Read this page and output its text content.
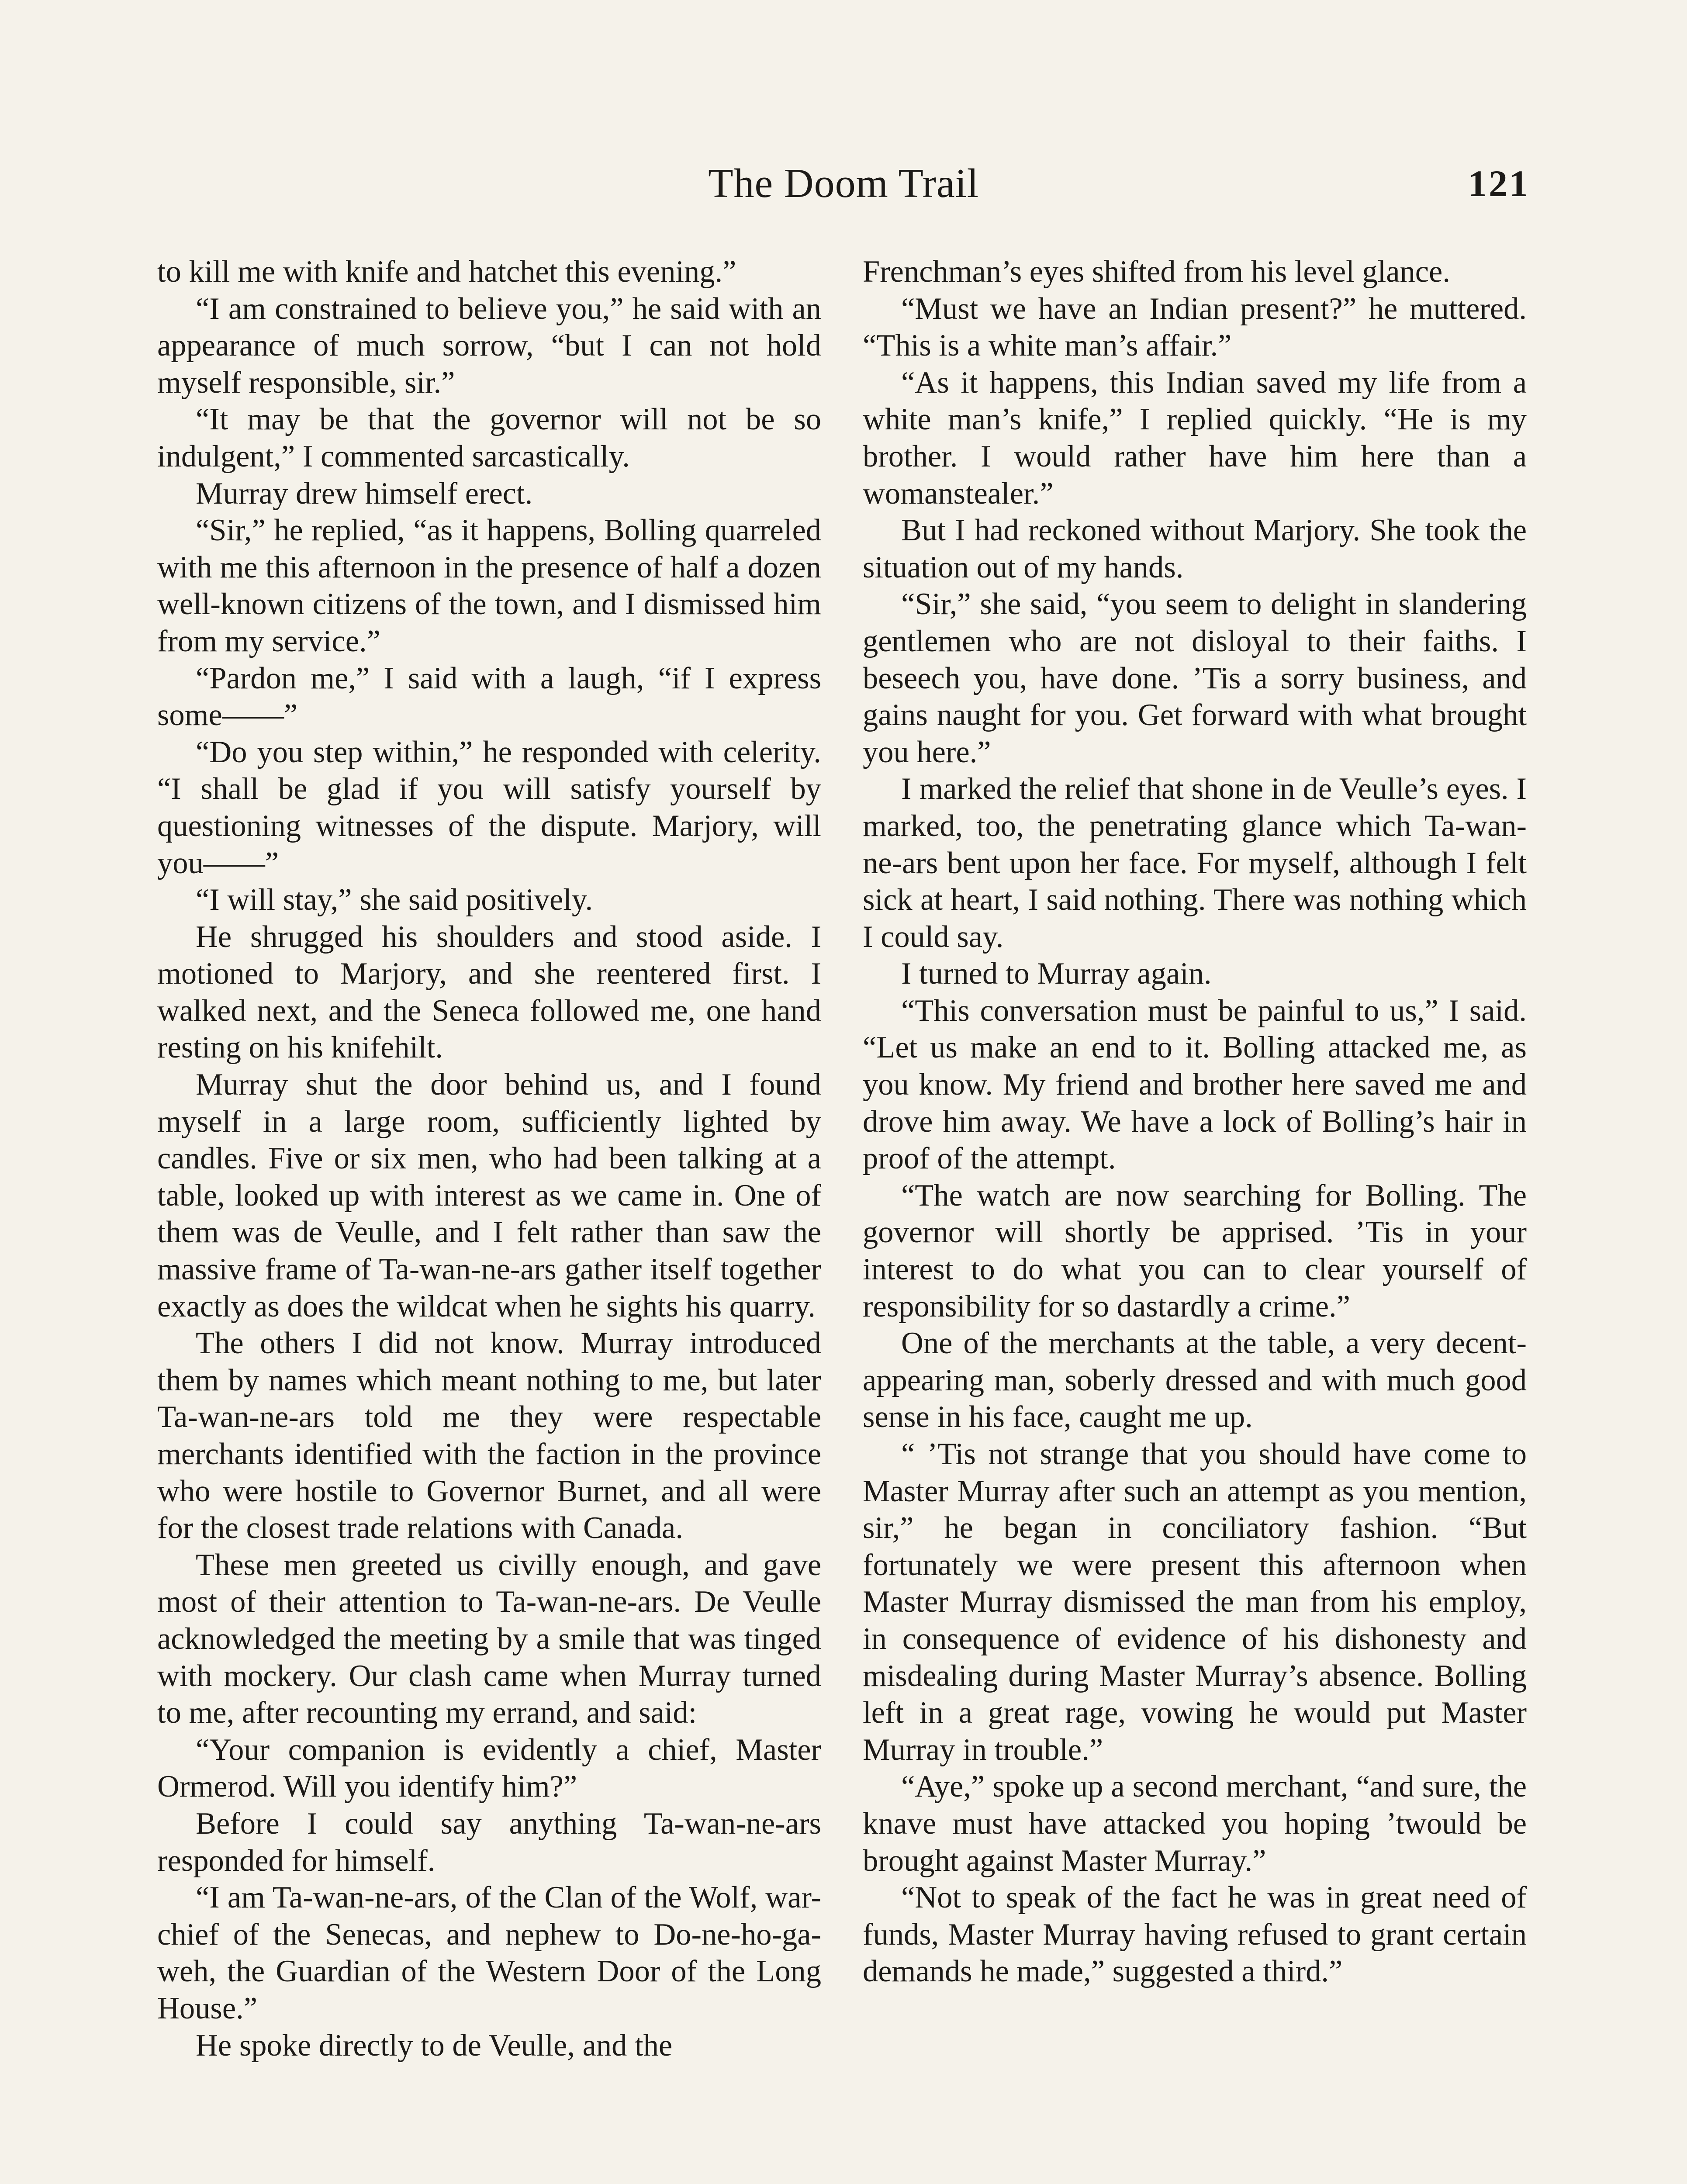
The Doom Trail	121

to kill me with knife and hatchet this evening.”

“I am constrained to believe you,” he said with an appearance of much sorrow, “but I can not hold myself responsible, sir.”

“It may be that the governor will not be so indulgent,” I commented sarcastically.

Murray drew himself erect.

“Sir,” he replied, “as it happens, Bolling quarreled with me this afternoon in the presence of half a dozen well-known citizens of the town, and I dismissed him from my service.”

“Pardon me,” I said with a laugh, “if I express some——”

“Do you step within,” he responded with celerity. “I shall be glad if you will satisfy yourself by questioning witnesses of the dispute. Marjory, will you——”

“I will stay,” she said positively.

He shrugged his shoulders and stood aside. I motioned to Marjory, and she reentered first. I walked next, and the Seneca followed me, one hand resting on his knifehilt.

Murray shut the door behind us, and I found myself in a large room, sufficiently lighted by candles. Five or six men, who had been talking at a table, looked up with interest as we came in. One of them was de Veulle, and I felt rather than saw the massive frame of Ta-wan-ne-ars gather itself together exactly as does the wildcat when he sights his quarry.

The others I did not know. Murray introduced them by names which meant nothing to me, but later Ta-wan-ne-ars told me they were respectable merchants identified with the faction in the province who were hostile to Governor Burnet, and all were for the closest trade relations with Canada.

These men greeted us civilly enough, and gave most of their attention to Ta-wan-ne-ars. De Veulle acknowledged the meeting by a smile that was tinged with mockery. Our clash came when Murray turned to me, after recounting my errand, and said:

“Your companion is evidently a chief, Master Ormerod. Will you identify him?”

Before I could say anything Ta-wan-ne-ars responded for himself.

“I am Ta-wan-ne-ars, of the Clan of the Wolf, war-chief of the Senecas, and nephew to Do-ne-ho-ga-weh, the Guardian of the Western Door of the Long House.”

He spoke directly to de Veulle, and the

Frenchman’s eyes shifted from his level glance.

“Must we have an Indian present?” he muttered. “This is a white man’s affair.”

“As it happens, this Indian saved my life from a white man’s knife,” I replied quickly. “He is my brother. I would rather have him here than a womanstealer.”

But I had reckoned without Marjory. She took the situation out of my hands.

“Sir,” she said, “you seem to delight in slandering gentlemen who are not disloyal to their faiths. I beseech you, have done. ’Tis a sorry business, and gains naught for you. Get forward with what brought you here.”

I marked the relief that shone in de Veulle’s eyes. I marked, too, the penetrating glance which Ta-wan-ne-ars bent upon her face. For myself, although I felt sick at heart, I said nothing. There was nothing which I could say.

I turned to Murray again.

“This conversation must be painful to us,” I said. “Let us make an end to it. Bolling attacked me, as you know. My friend and brother here saved me and drove him away. We have a lock of Bolling’s hair in proof of the attempt.

“The watch are now searching for Bolling. The governor will shortly be apprised. ’Tis in your interest to do what you can to clear yourself of responsibility for so dastardly a crime.”

One of the merchants at the table, a very decent-appearing man, soberly dressed and with much good sense in his face, caught me up.

“ ’Tis not strange that you should have come to Master Murray after such an attempt as you mention, sir,” he began in conciliatory fashion. “But fortunately we were present this afternoon when Master Murray dismissed the man from his employ, in consequence of evidence of his dishonesty and misdealing during Master Murray’s absence. Bolling left in a great rage, vowing he would put Master Murray in trouble.”

“Aye,” spoke up a second merchant, “and sure, the knave must have attacked you hoping ’twould be brought against Master Murray.”

“Not to speak of the fact he was in great need of funds, Master Murray having refused to grant certain demands he made,” suggested a third.”
